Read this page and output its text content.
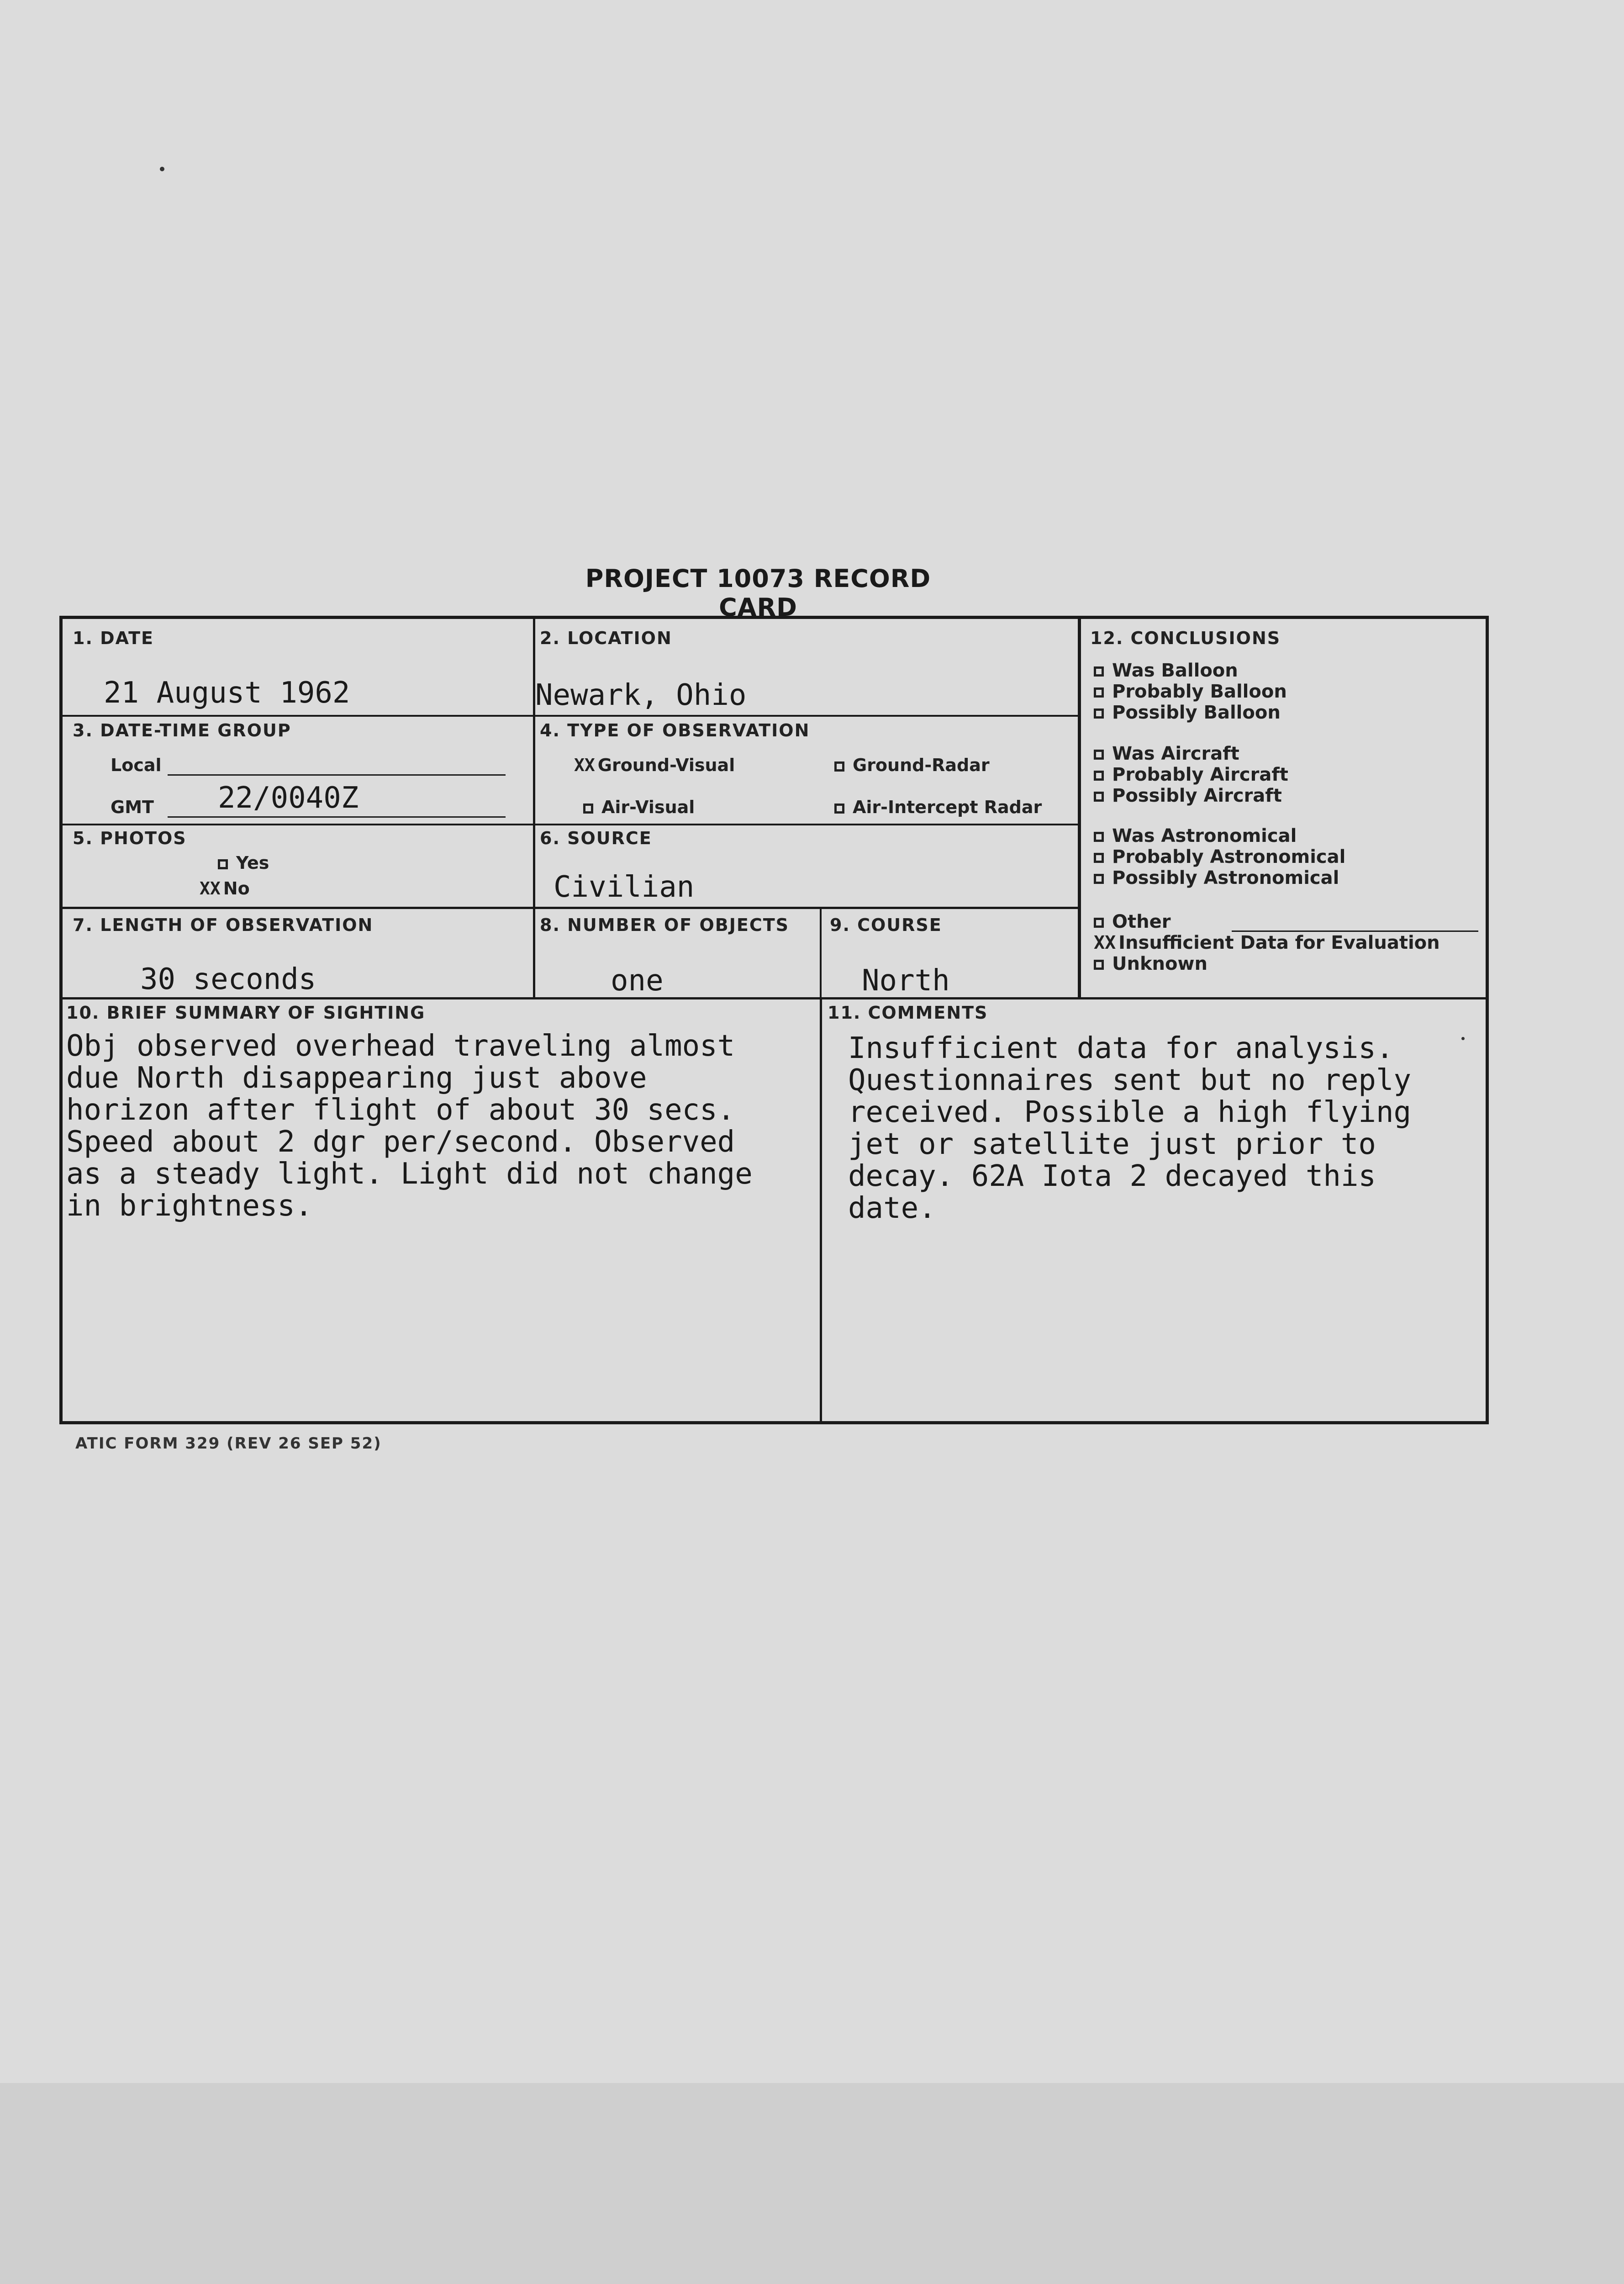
PROJECT 10073 RECORD CARD
1. DATE
21 August 1962
2. LOCATION
Newark, Ohio
3. DATE-TIME GROUP
Local
GMT 22/0040Z
4. TYPE OF OBSERVATION
XX Ground-Visual	Ground-Radar
Air-Visual	Air-Intercept Radar
5. PHOTOS
Yes
XX No
6. SOURCE
Civilian
7. LENGTH OF OBSERVATION
30 seconds
8. NUMBER OF OBJECTS
one
9. COURSE
North
12. CONCLUSIONS
Was Balloon
Probably Balloon
Possibly Balloon
Was Aircraft
Probably Aircraft
Possibly Aircraft
Was Astronomical
Probably Astronomical
Possibly Astronomical
Other
XX Insufficient Data for Evaluation
Unknown
10. BRIEF SUMMARY OF SIGHTING
Obj observed overhead traveling almost
due North disappearing just above
horizon after flight of about 30 secs.
Speed about 2 dgr per/second. Observed
as a steady light. Light did not change
in brightness.
11. COMMENTS
Insufficient data for analysis.
Questionnaires sent but no reply
received. Possible a high flying
jet or satellite just prior to
decay. 62A Iota 2 decayed this
date.
ATIC FORM 329 (REV 26 SEP 52)
